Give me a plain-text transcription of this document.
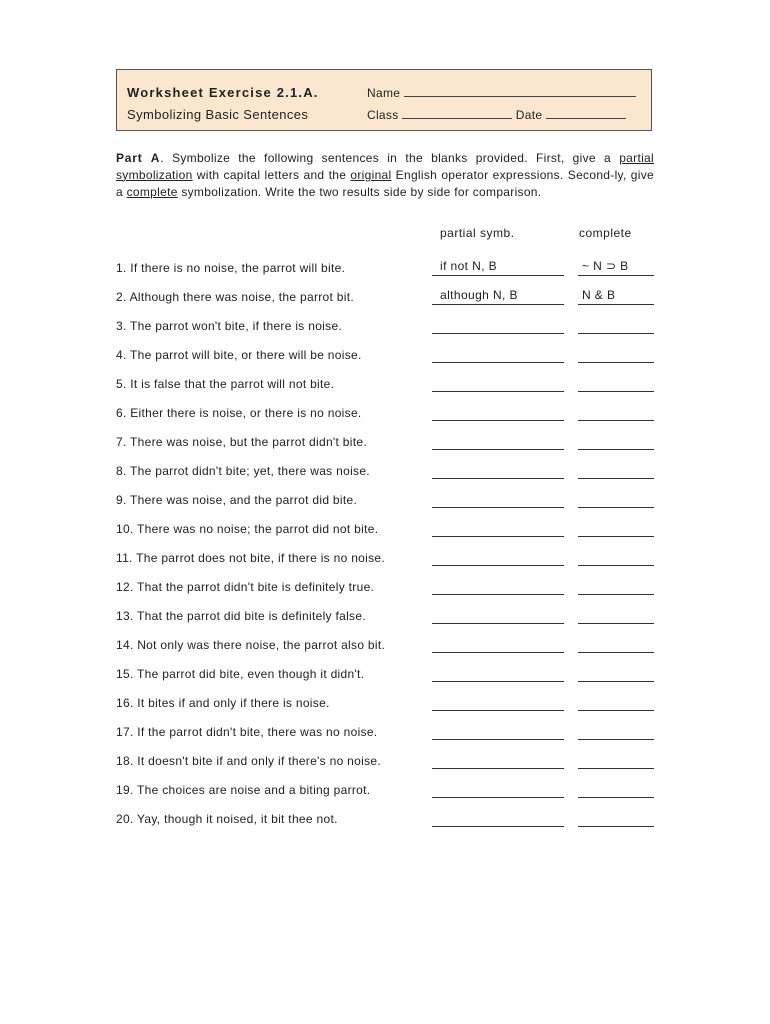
Worksheet Exercise 2.1.A.
Symbolizing Basic Sentences
Name
Class	Date
Part A. Symbolize the following sentences in the blanks provided. First, give a partial symbolization with capital letters and the original English operator expressions. Second-ly, give a complete symbolization. Write the two results side by side for comparison.
partial symb.	complete
1. If there is no noise, the parrot will bite.	if not N, B	~ N ⊃ B
2. Although there was noise, the parrot bit.	although N, B	N & B
3. The parrot won't bite, if there is noise.
4. The parrot will bite, or there will be noise.
5. It is false that the parrot will not bite.
6. Either there is noise, or there is no noise.
7. There was noise, but the parrot didn't bite.
8. The parrot didn't bite; yet, there was noise.
9. There was noise, and the parrot did bite.
10. There was no noise; the parrot did not bite.
11. The parrot does not bite, if there is no noise.
12. That the parrot didn't bite is definitely true.
13. That the parrot did bite is definitely false.
14. Not only was there noise, the parrot also bit.
15. The parrot did bite, even though it didn't.
16. It bites if and only if there is noise.
17. If the parrot didn't bite, there was no noise.
18. It doesn't bite if and only if there's no noise.
19. The choices are noise and a biting parrot.
20. Yay, though it noised, it bit thee not.
